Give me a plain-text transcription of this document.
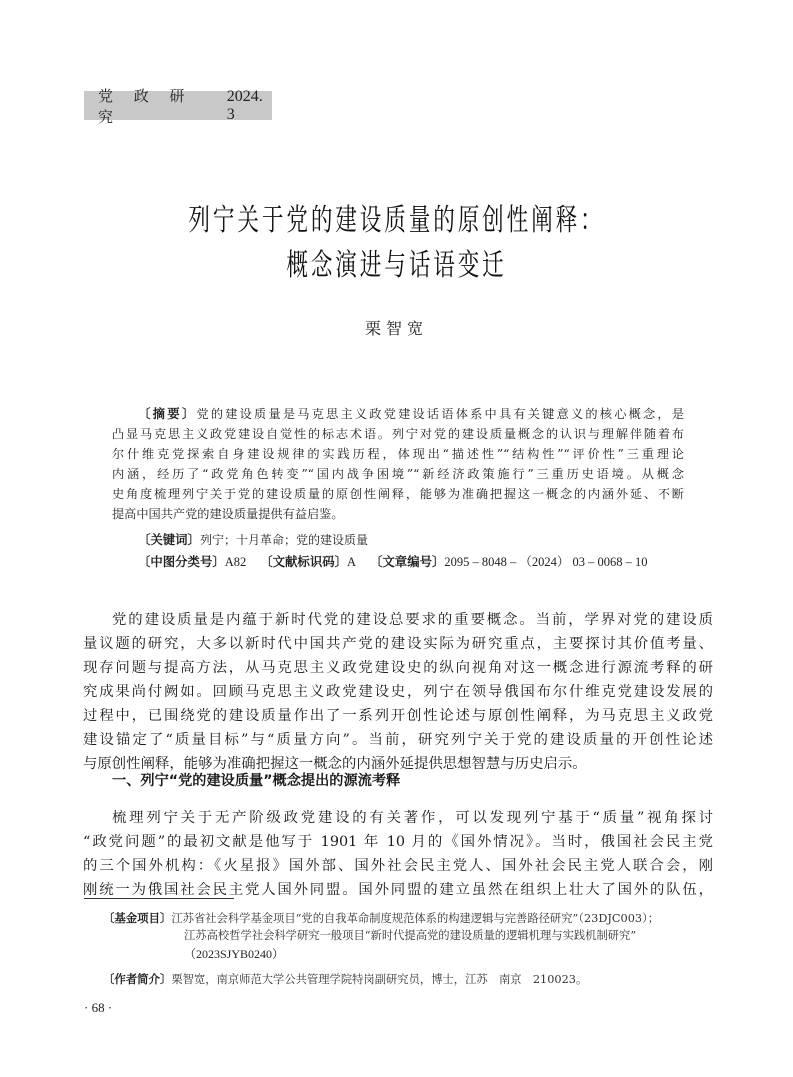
党 政 研 究
2024. 3
列宁关于党的建设质量的原创性阐释：
概念演进与话语变迁
栗智宽
〔摘要〕党的建设质量是马克思主义政党建设话语体系中具有关键意义的核心概念，是
凸显马克思主义政党建设自觉性的标志术语。列宁对党的建设质量概念的认识与理解伴随着布
尔什维克党探索自身建设规律的实践历程，体现出“描述性”“结构性”“评价性”三重理论
内涵，经历了“政党角色转变”“国内战争困境”“新经济政策施行”三重历史语境。从概念
史角度梳理列宁关于党的建设质量的原创性阐释，能够为准确把握这一概念的内涵外延、不断
提高中国共产党的建设质量提供有益启鉴。
〔关键词〕列宁；十月革命；党的建设质量
〔中图分类号〕A82 〔文献标识码〕A 〔文章编号〕2095 – 8048 – （2024） 03 – 0068 – 10
党的建设质量是内蕴于新时代党的建设总要求的重要概念。当前，学界对党的建设质
量议题的研究，大多以新时代中国共产党的建设实际为研究重点，主要探讨其价值考量、
现存问题与提高方法，从马克思主义政党建设史的纵向视角对这一概念进行源流考释的研
究成果尚付阙如。回顾马克思主义政党建设史，列宁在领导俄国布尔什维克党建设发展的
过程中，已围绕党的建设质量作出了一系列开创性论述与原创性阐释，为马克思主义政党
建设锚定了“质量目标”与“质量方向”。当前，研究列宁关于党的建设质量的开创性论述
与原创性阐释，能够为准确把握这一概念的内涵外延提供思想智慧与历史启示。
一、列宁“党的建设质量”概念提出的源流考释
梳理列宁关于无产阶级政党建设的有关著作，可以发现列宁基于“质量”视角探讨
“政党问题”的最初文献是他写于 1901 年 10 月的《国外情况》。当时，俄国社会民主党
的三个国外机构：《火星报》国外部、国外社会民主党人、国外社会民主党人联合会，刚
刚统一为俄国社会民主党人国外同盟。国外同盟的建立虽然在组织上壮大了国外的队伍，
〔基金项目〕江苏省社会科学基金项目“党的自我革命制度规范体系的构建逻辑与完善路径研究”（23DJC003）；
江苏高校哲学社会科学研究一般项目“新时代提高党的建设质量的逻辑机理与实践机制研究”
（2023SJYB0240）
〔作者简介〕栗智宽，南京师范大学公共管理学院特岗副研究员，博士，江苏　南京　210023。
· 68 ·
